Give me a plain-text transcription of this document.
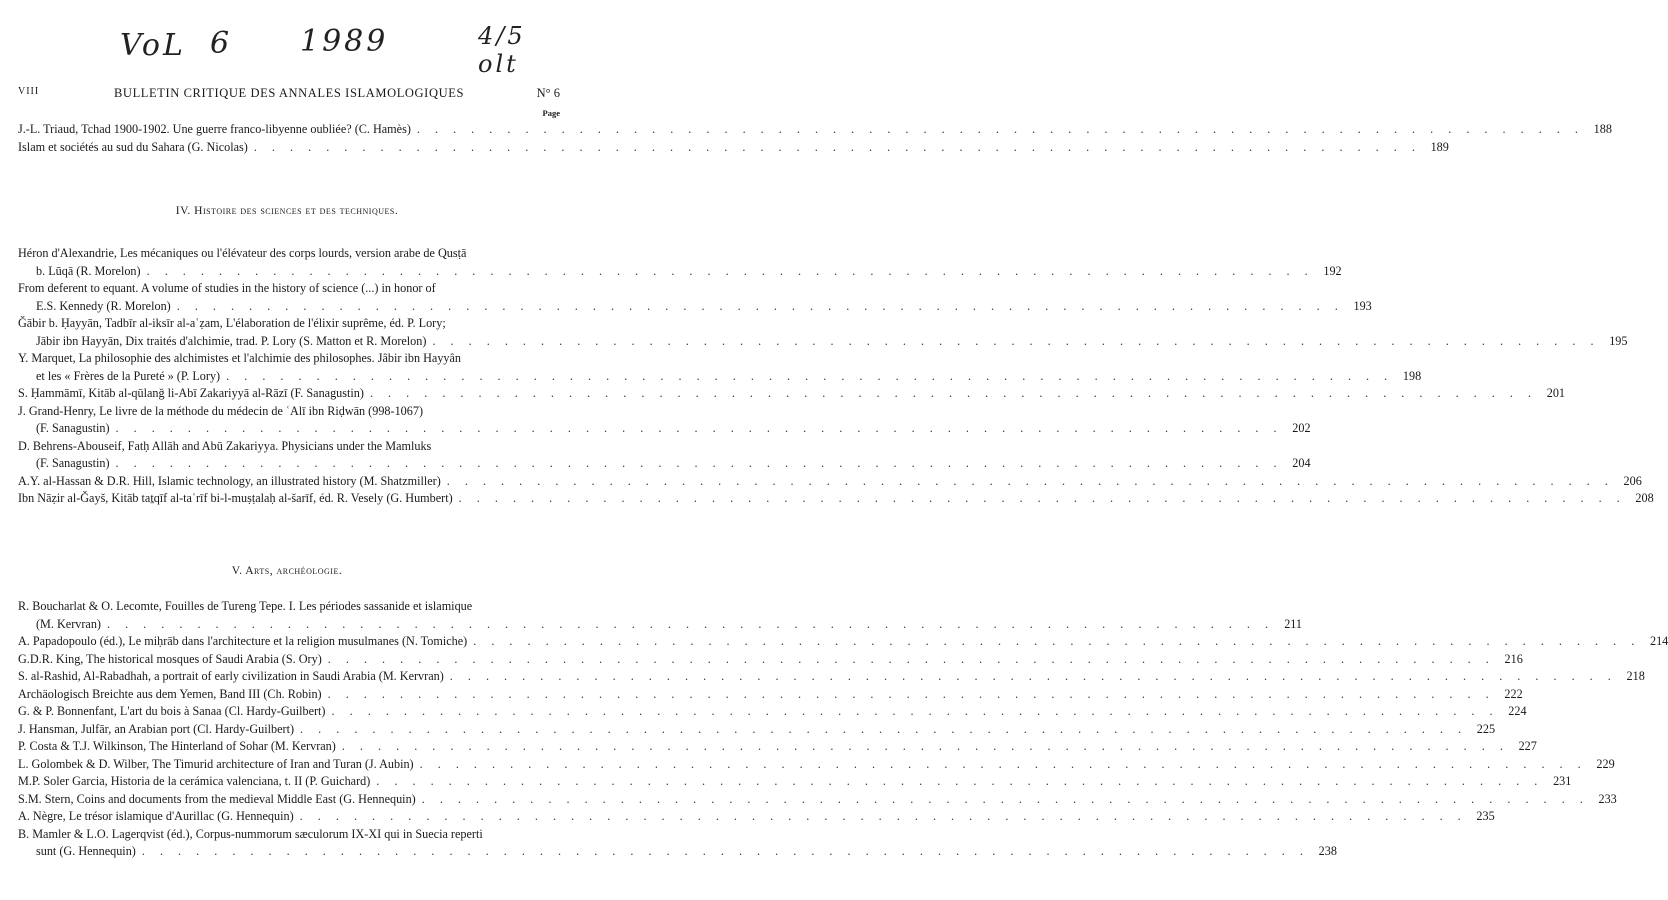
VoL 6 1989	4/5 olt
VIII	BULLETIN CRITIQUE DES ANNALES ISLAMOLOGIQUES	N° 6
Page
J.-L. Triaud, Tchad 1900-1902. Une guerre franco-libyenne oubliée? (C. Hamès) . . .	188
Islam et sociétés au sud du Sahara (G. Nicolas) . . .	189
IV. Histoire des sciences et des techniques.
Héron d'Alexandrie, Les mécaniques ou l'élévateur des corps lourds, version arabe de Qusṭā
b. Lūqā (R. Morelon) . . .	192
From deferent to equant. A volume of studies in the history of science (...) in honor of
E.S. Kennedy (R. Morelon) . . .	193
Ǧābir b. Ḥayyān, Tadbīr al-iksīr al-aʿẓam, L'élaboration de l'élixir suprême, éd. P. Lory;
Jābir ibn Hayyān, Dix traités d'alchimie, trad. P. Lory (S. Matton et R. Morelon) . . .	195
Y. Marquet, La philosophie des alchimistes et l'alchimie des philosophes. Jâbir ibn Hayyân
et les « Frères de la Pureté » (P. Lory) . . .	198
S. Ḥammāmī, Kitāb al-qūlanǧ li-Abī Zakariyyā al-Rāzī (F. Sanagustin) . . .	201
J. Grand-Henry, Le livre de la méthode du médecin de ʿAlī ibn Riḍwān (998-1067)
(F. Sanagustin) . . .	202
D. Behrens-Abouseif, Fatḥ Allāh and Abū Zakariyya. Physicians under the Mamluks
(F. Sanagustin) . . .	204
A.Y. al-Hassan & D.R. Hill, Islamic technology, an illustrated history (M. Shatzmiller) . . .	206
Ibn Nāẓir al-Ǧayš, Kitāb taṯqīf al-taʿrīf bi-l-muṣṭalaḥ al-šarīf, éd. R. Vesely (G. Humbert) . . .	208
V. Arts, archéologie.
R. Boucharlat & O. Lecomte, Fouilles de Tureng Tepe. I. Les périodes sassanide et islamique
(M. Kervran) . . .	211
A. Papadopoulo (éd.), Le miḥrāb dans l'architecture et la religion musulmanes (N. Tomiche) . . .	214
G.D.R. King, The historical mosques of Saudi Arabia (S. Ory) . . .	216
S. al-Rashid, Al-Rabadhah, a portrait of early civilization in Saudi Arabia (M. Kervran) . . .	218
Archäologisch Breichte aus dem Yemen, Band III (Ch. Robin) . . .	222
G. & P. Bonnenfant, L'art du bois à Sanaa (Cl. Hardy-Guilbert) . . .	224
J. Hansman, Julfār, an Arabian port (Cl. Hardy-Guilbert) . . .	225
P. Costa & T.J. Wilkinson, The Hinterland of Sohar (M. Kervran) . . .	227
L. Golombek & D. Wilber, The Timurid architecture of Iran and Turan (J. Aubin) . . .	229
M.P. Soler Garcia, Historia de la cerámica valenciana, t. II (P. Guichard) . . .	231
S.M. Stern, Coins and documents from the medieval Middle East (G. Hennequin) . . .	233
A. Nègre, Le trésor islamique d'Aurillac (G. Hennequin) . . .	235
B. Mamler & L.O. Lagerqvist (éd.), Corpus-nummorum sæculorum IX-XI qui in Suecia reperti
sunt (G. Hennequin) . . .	238
